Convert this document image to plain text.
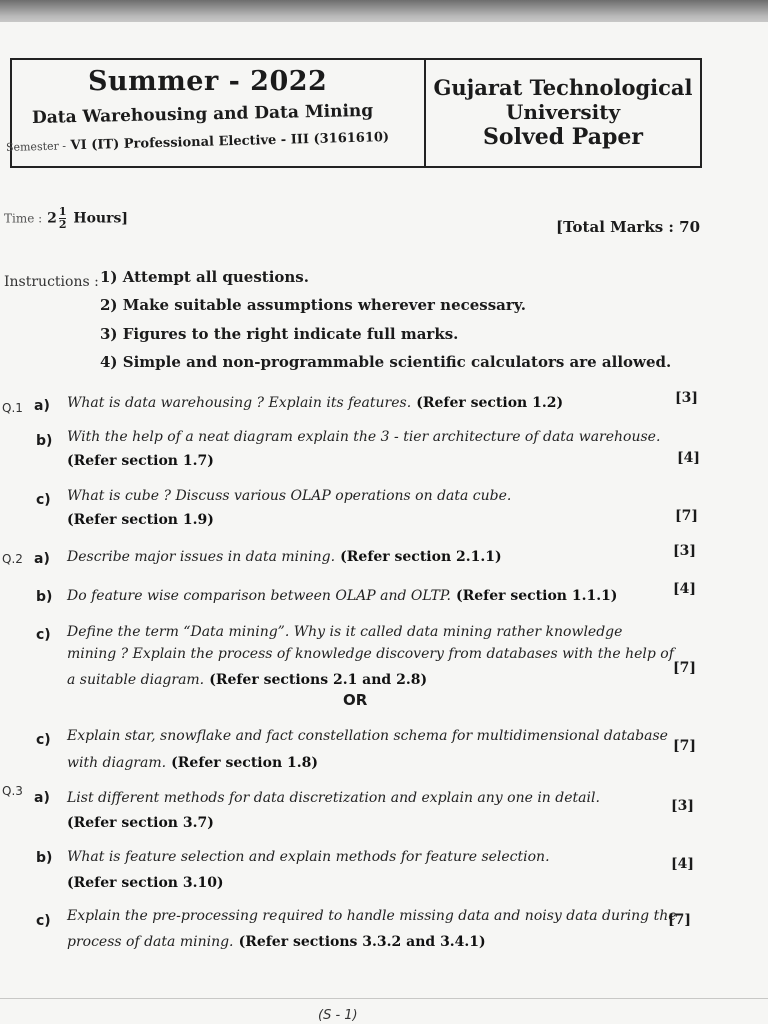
Summer - 2022
Data Warehousing and Data Mining
Semester - VI (IT) Professional Elective - III (3161610)
Gujarat Technological
University
Solved Paper
Time : $2 \frac{1}{2}$ Hours]	[Total Marks : 70
Instructions : 1) Attempt all questions.
2) Make suitable assumptions wherever necessary.
3) Figures to the right indicate full marks.
4) Simple and non-programmable scientific calculators are allowed.
Q.1 a) What is data warehousing ? Explain its features. (Refer section 1.2)	[3]
b) With the help of a neat diagram explain the 3 - tier architecture of data warehouse.
(Refer section 1.7)	[4]
c) What is cube ? Discuss various OLAP operations on data cube.
(Refer section 1.9)	[7]
Q.2 a) Describe major issues in data mining. (Refer section 2.1.1)	[3]
b) Do feature wise comparison between OLAP and OLTP. (Refer section 1.1.1)	[4]
c) Define the term “Data mining”. Why is it called data mining rather knowledge
mining ? Explain the process of knowledge discovery from databases with the help of
a suitable diagram. (Refer sections 2.1 and 2.8)
[7]
OR
c) Explain star, snowflake and fact constellation schema for multidimensional database
with diagram. (Refer section 1.8)
[7]
Q.3 a) List different methods for data discretization and explain any one in detail.
(Refer section 3.7)
[3]
b) What is feature selection and explain methods for feature selection.
(Refer section 3.10)
[4]
c) Explain the pre-processing required to handle missing data and noisy data during the
process of data mining. (Refer sections 3.3.2 and 3.4.1)
[7]
(S - 1)
